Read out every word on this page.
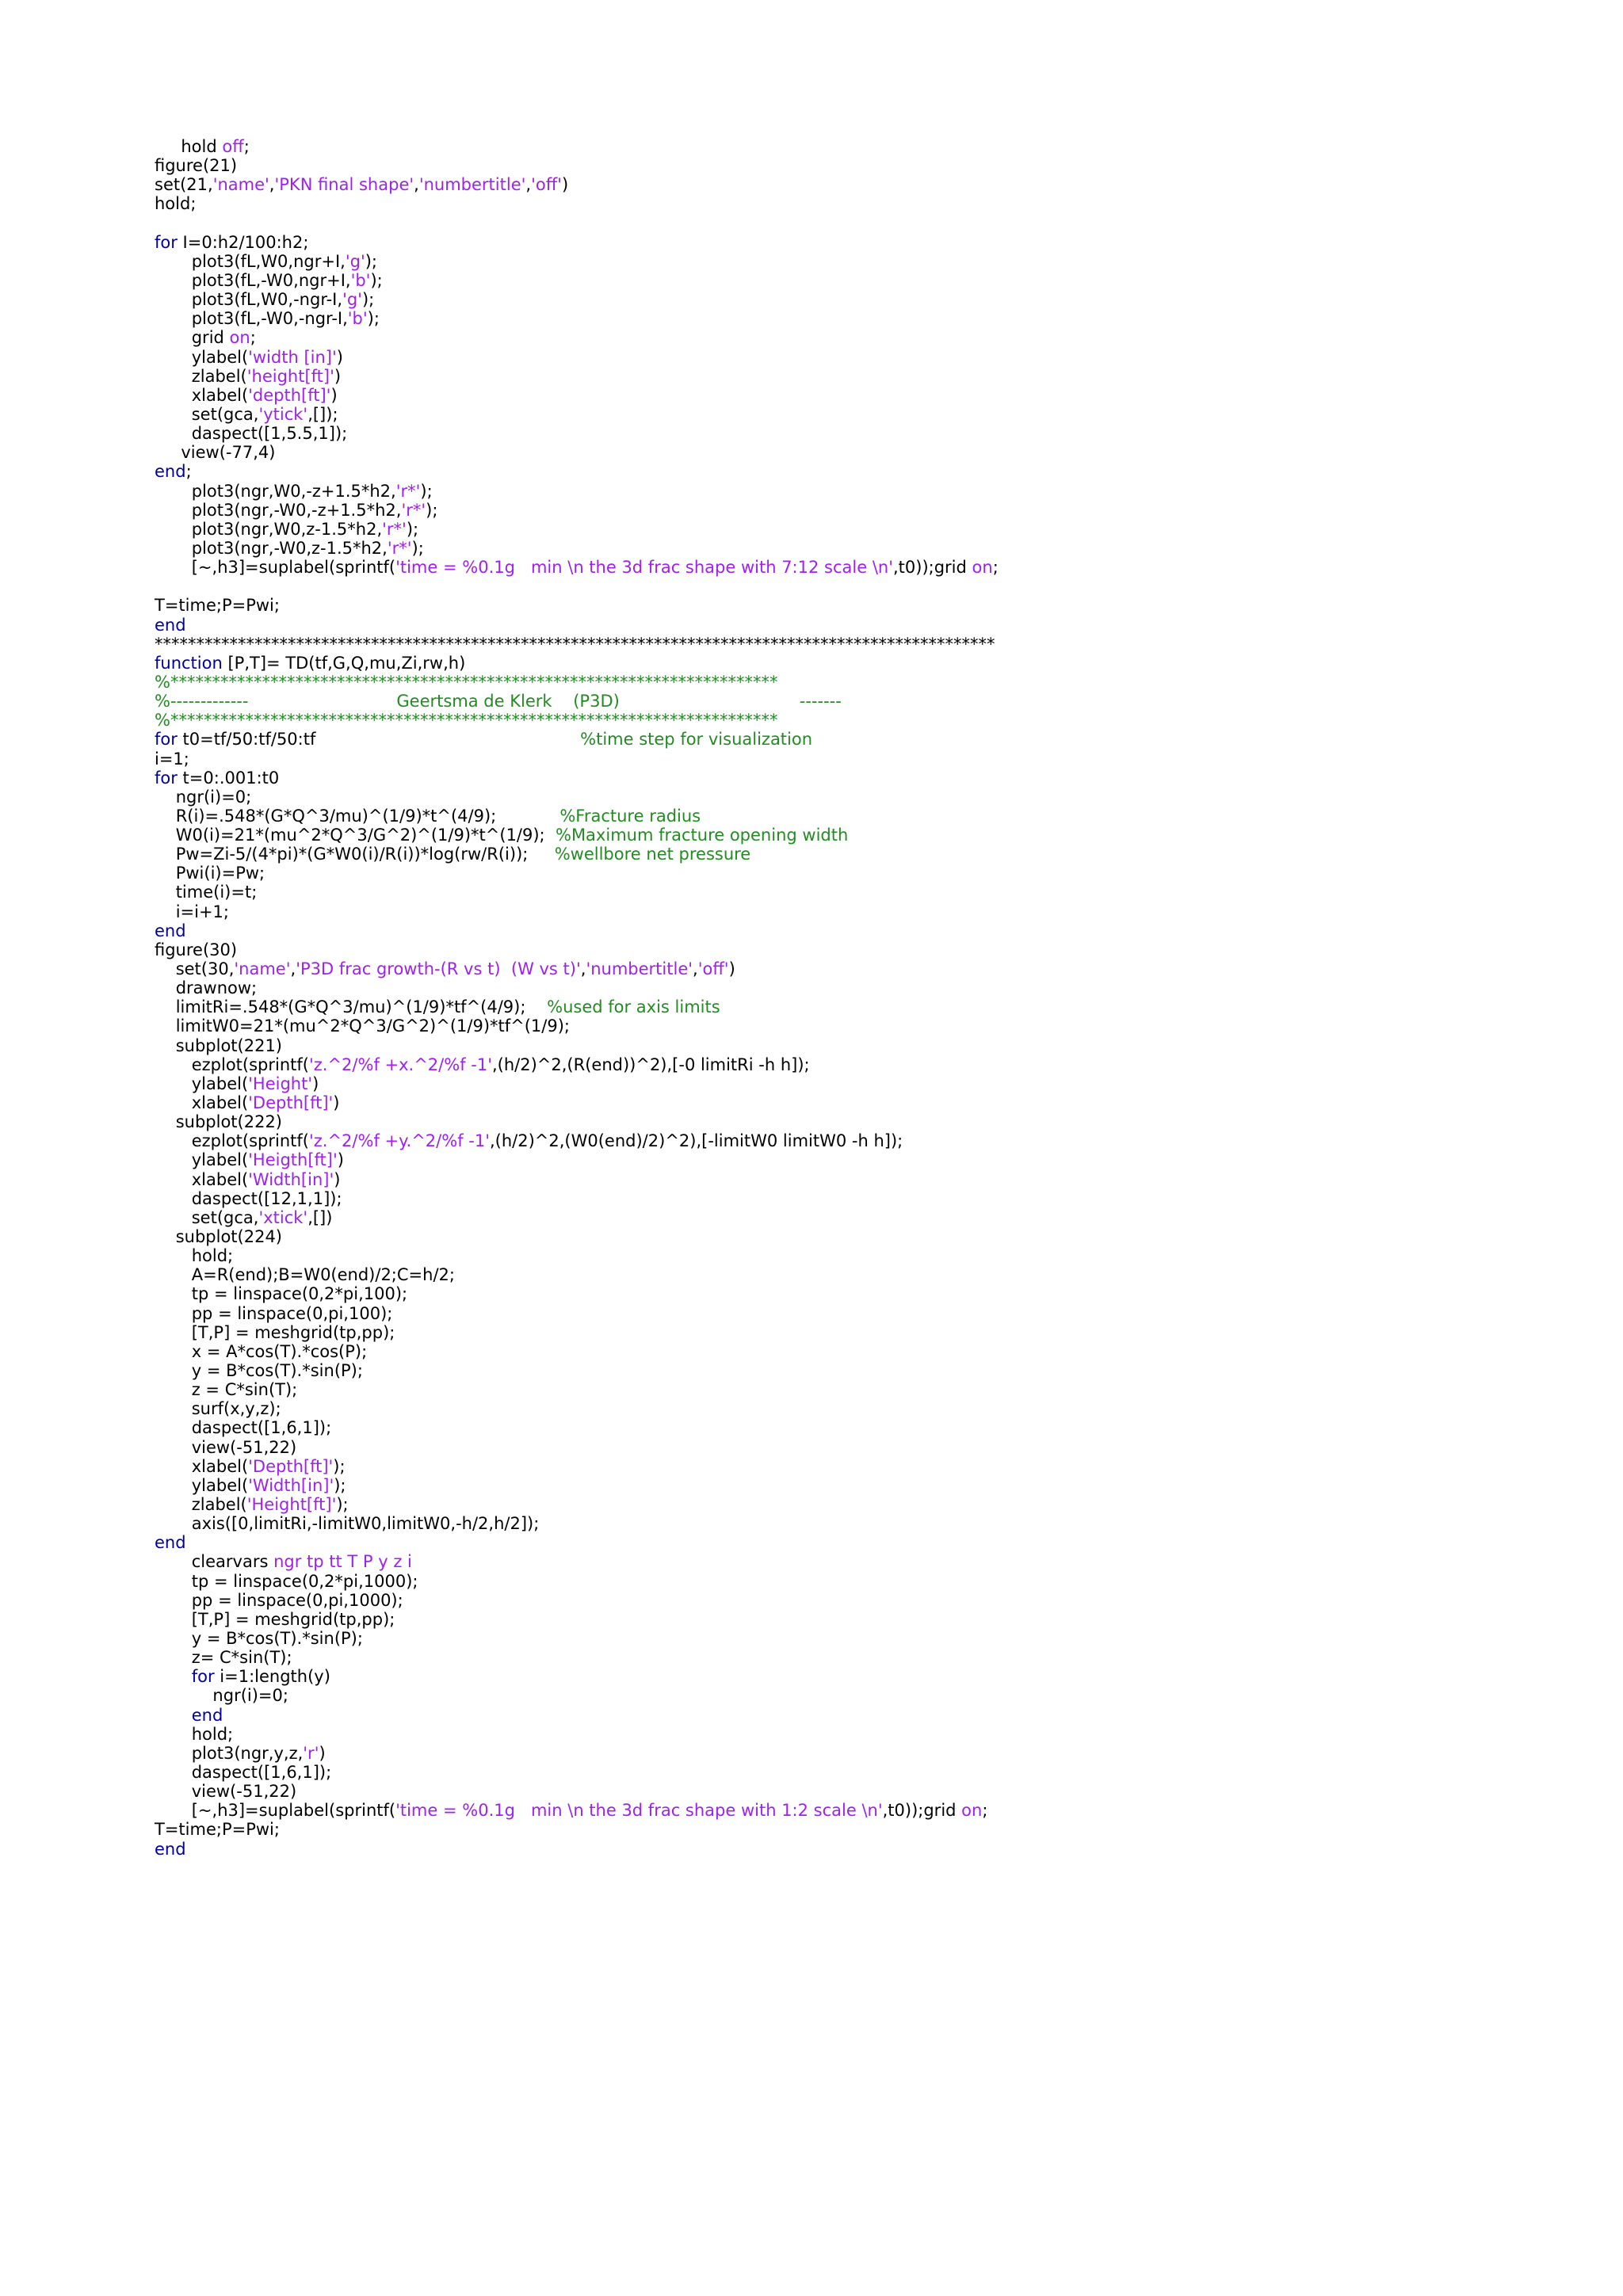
hold off;
figure(21)
set(21,'name','PKN final shape','numbertitle','off')
hold;
for I=0:h2/100:h2;
plot3(fL,W0,ngr+I,'g');
plot3(fL,-W0,ngr+I,'b');
plot3(fL,W0,-ngr-I,'g');
plot3(fL,-W0,-ngr-I,'b');
grid on;
ylabel('width [in]')
zlabel('height[ft]')
xlabel('depth[ft]')
set(gca,'ytick',[]);
daspect([1,5.5,1]);
view(-77,4)
end;
plot3(ngr,W0,-z+1.5*h2,'r*');
plot3(ngr,-W0,-z+1.5*h2,'r*');
plot3(ngr,W0,z-1.5*h2,'r*');
plot3(ngr,-W0,z-1.5*h2,'r*');
[~,h3]=suplabel(sprintf('time = %0.1g   min \n the 3d frac shape with 7:12 scale \n',t0));grid on;
T=time;P=Pwi;
end
*****************************************************************************************************
function [P,T]= TD(tf,G,Q,mu,Zi,rw,h)
%*************************************************************************
%-------------                            Geertsma de Klerk    (P3D)                                  -------
%*************************************************************************
for t0=tf/50:tf/50:tf                                                  %time step for visualization
i=1;
for t=0:.001:t0
ngr(i)=0;
R(i)=.548*(G*Q^3/mu)^(1/9)*t^(4/9);            %Fracture radius
W0(i)=21*(mu^2*Q^3/G^2)^(1/9)*t^(1/9);  %Maximum fracture opening width
Pw=Zi-5/(4*pi)*(G*W0(i)/R(i))*log(rw/R(i));     %wellbore net pressure
Pwi(i)=Pw;
time(i)=t;
i=i+1;
end
figure(30)
set(30,'name','P3D frac growth-(R vs t)  (W vs t)','numbertitle','off')
drawnow;
limitRi=.548*(G*Q^3/mu)^(1/9)*tf^(4/9);    %used for axis limits
limitW0=21*(mu^2*Q^3/G^2)^(1/9)*tf^(1/9);
subplot(221)
ezplot(sprintf('z.^2/%f +x.^2/%f -1',(h/2)^2,(R(end))^2),[-0 limitRi -h h]);
ylabel('Height')
xlabel('Depth[ft]')
subplot(222)
ezplot(sprintf('z.^2/%f +y.^2/%f -1',(h/2)^2,(W0(end)/2)^2),[-limitW0 limitW0 -h h]);
ylabel('Heigth[ft]')
xlabel('Width[in]')
daspect([12,1,1]);
set(gca,'xtick',[])
subplot(224)
hold;
A=R(end);B=W0(end)/2;C=h/2;
tp = linspace(0,2*pi,100);
pp = linspace(0,pi,100);
[T,P] = meshgrid(tp,pp);
x = A*cos(T).*cos(P);
y = B*cos(T).*sin(P);
z = C*sin(T);
surf(x,y,z);
daspect([1,6,1]);
view(-51,22)
xlabel('Depth[ft]');
ylabel('Width[in]');
zlabel('Height[ft]');
axis([0,limitRi,-limitW0,limitW0,-h/2,h/2]);
end
clearvars ngr tp tt T P y z i
tp = linspace(0,2*pi,1000);
pp = linspace(0,pi,1000);
[T,P] = meshgrid(tp,pp);
y = B*cos(T).*sin(P);
z= C*sin(T);
for i=1:length(y)
ngr(i)=0;
end
hold;
plot3(ngr,y,z,'r')
daspect([1,6,1]);
view(-51,22)
[~,h3]=suplabel(sprintf('time = %0.1g   min \n the 3d frac shape with 1:2 scale \n',t0));grid on;
T=time;P=Pwi;
end
